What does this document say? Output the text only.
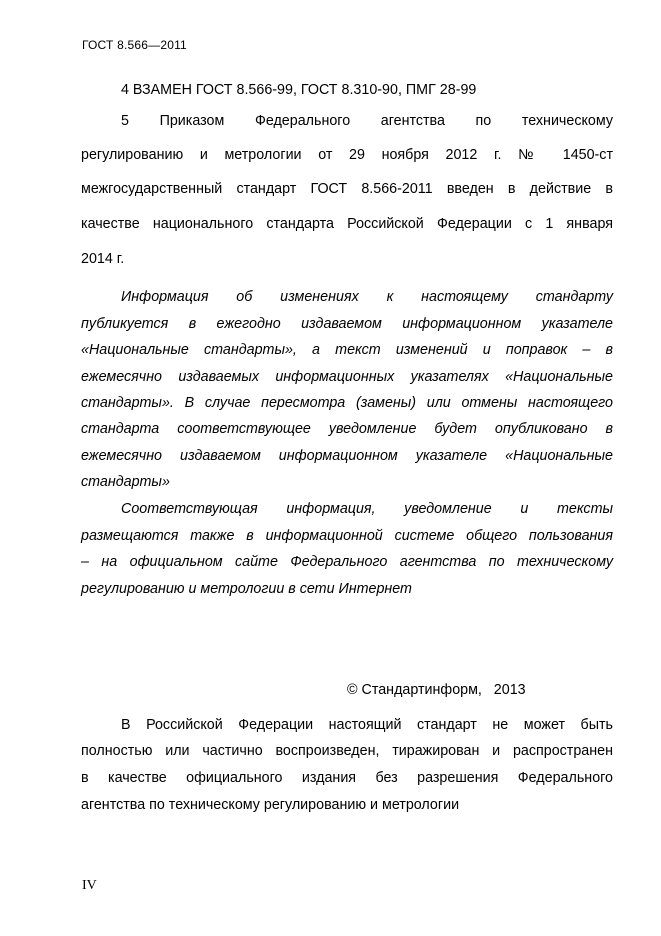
ГОСТ 8.566—2011
4 ВЗАМЕН ГОСТ 8.566-99, ГОСТ 8.310-90, ПМГ 28-99
5 Приказом Федерального агентства по техническому
регулированию и метрологии от 29 ноября 2012 г. № 1450-ст
межгосударственный стандарт ГОСТ 8.566-2011 введен в действие в
качестве национального стандарта Российской Федерации с 1 января
2014 г.
Информация об изменениях к настоящему стандарту
публикуется в ежегодно издаваемом информационном указателе
«Национальные стандарты», а текст изменений и поправок – в
ежемесячно издаваемых информационных указателях «Национальные
стандарты». В случае пересмотра (замены) или отмены настоящего
стандарта соответствующее уведомление будет опубликовано в
ежемесячно издаваемом информационном указателе «Национальные
стандарты»
Соответствующая информация, уведомление и тексты
размещаются также в информационной системе общего пользования
– на официальном сайте Федерального агентства по техническому
регулированию и метрологии в сети Интернет
© Стандартинформ,   2013
В Российской Федерации настоящий стандарт не может быть
полностью или частично воспроизведен, тиражирован и распространен
в качестве официального издания без разрешения Федерального
агентства по техническому регулированию и метрологии
IV
